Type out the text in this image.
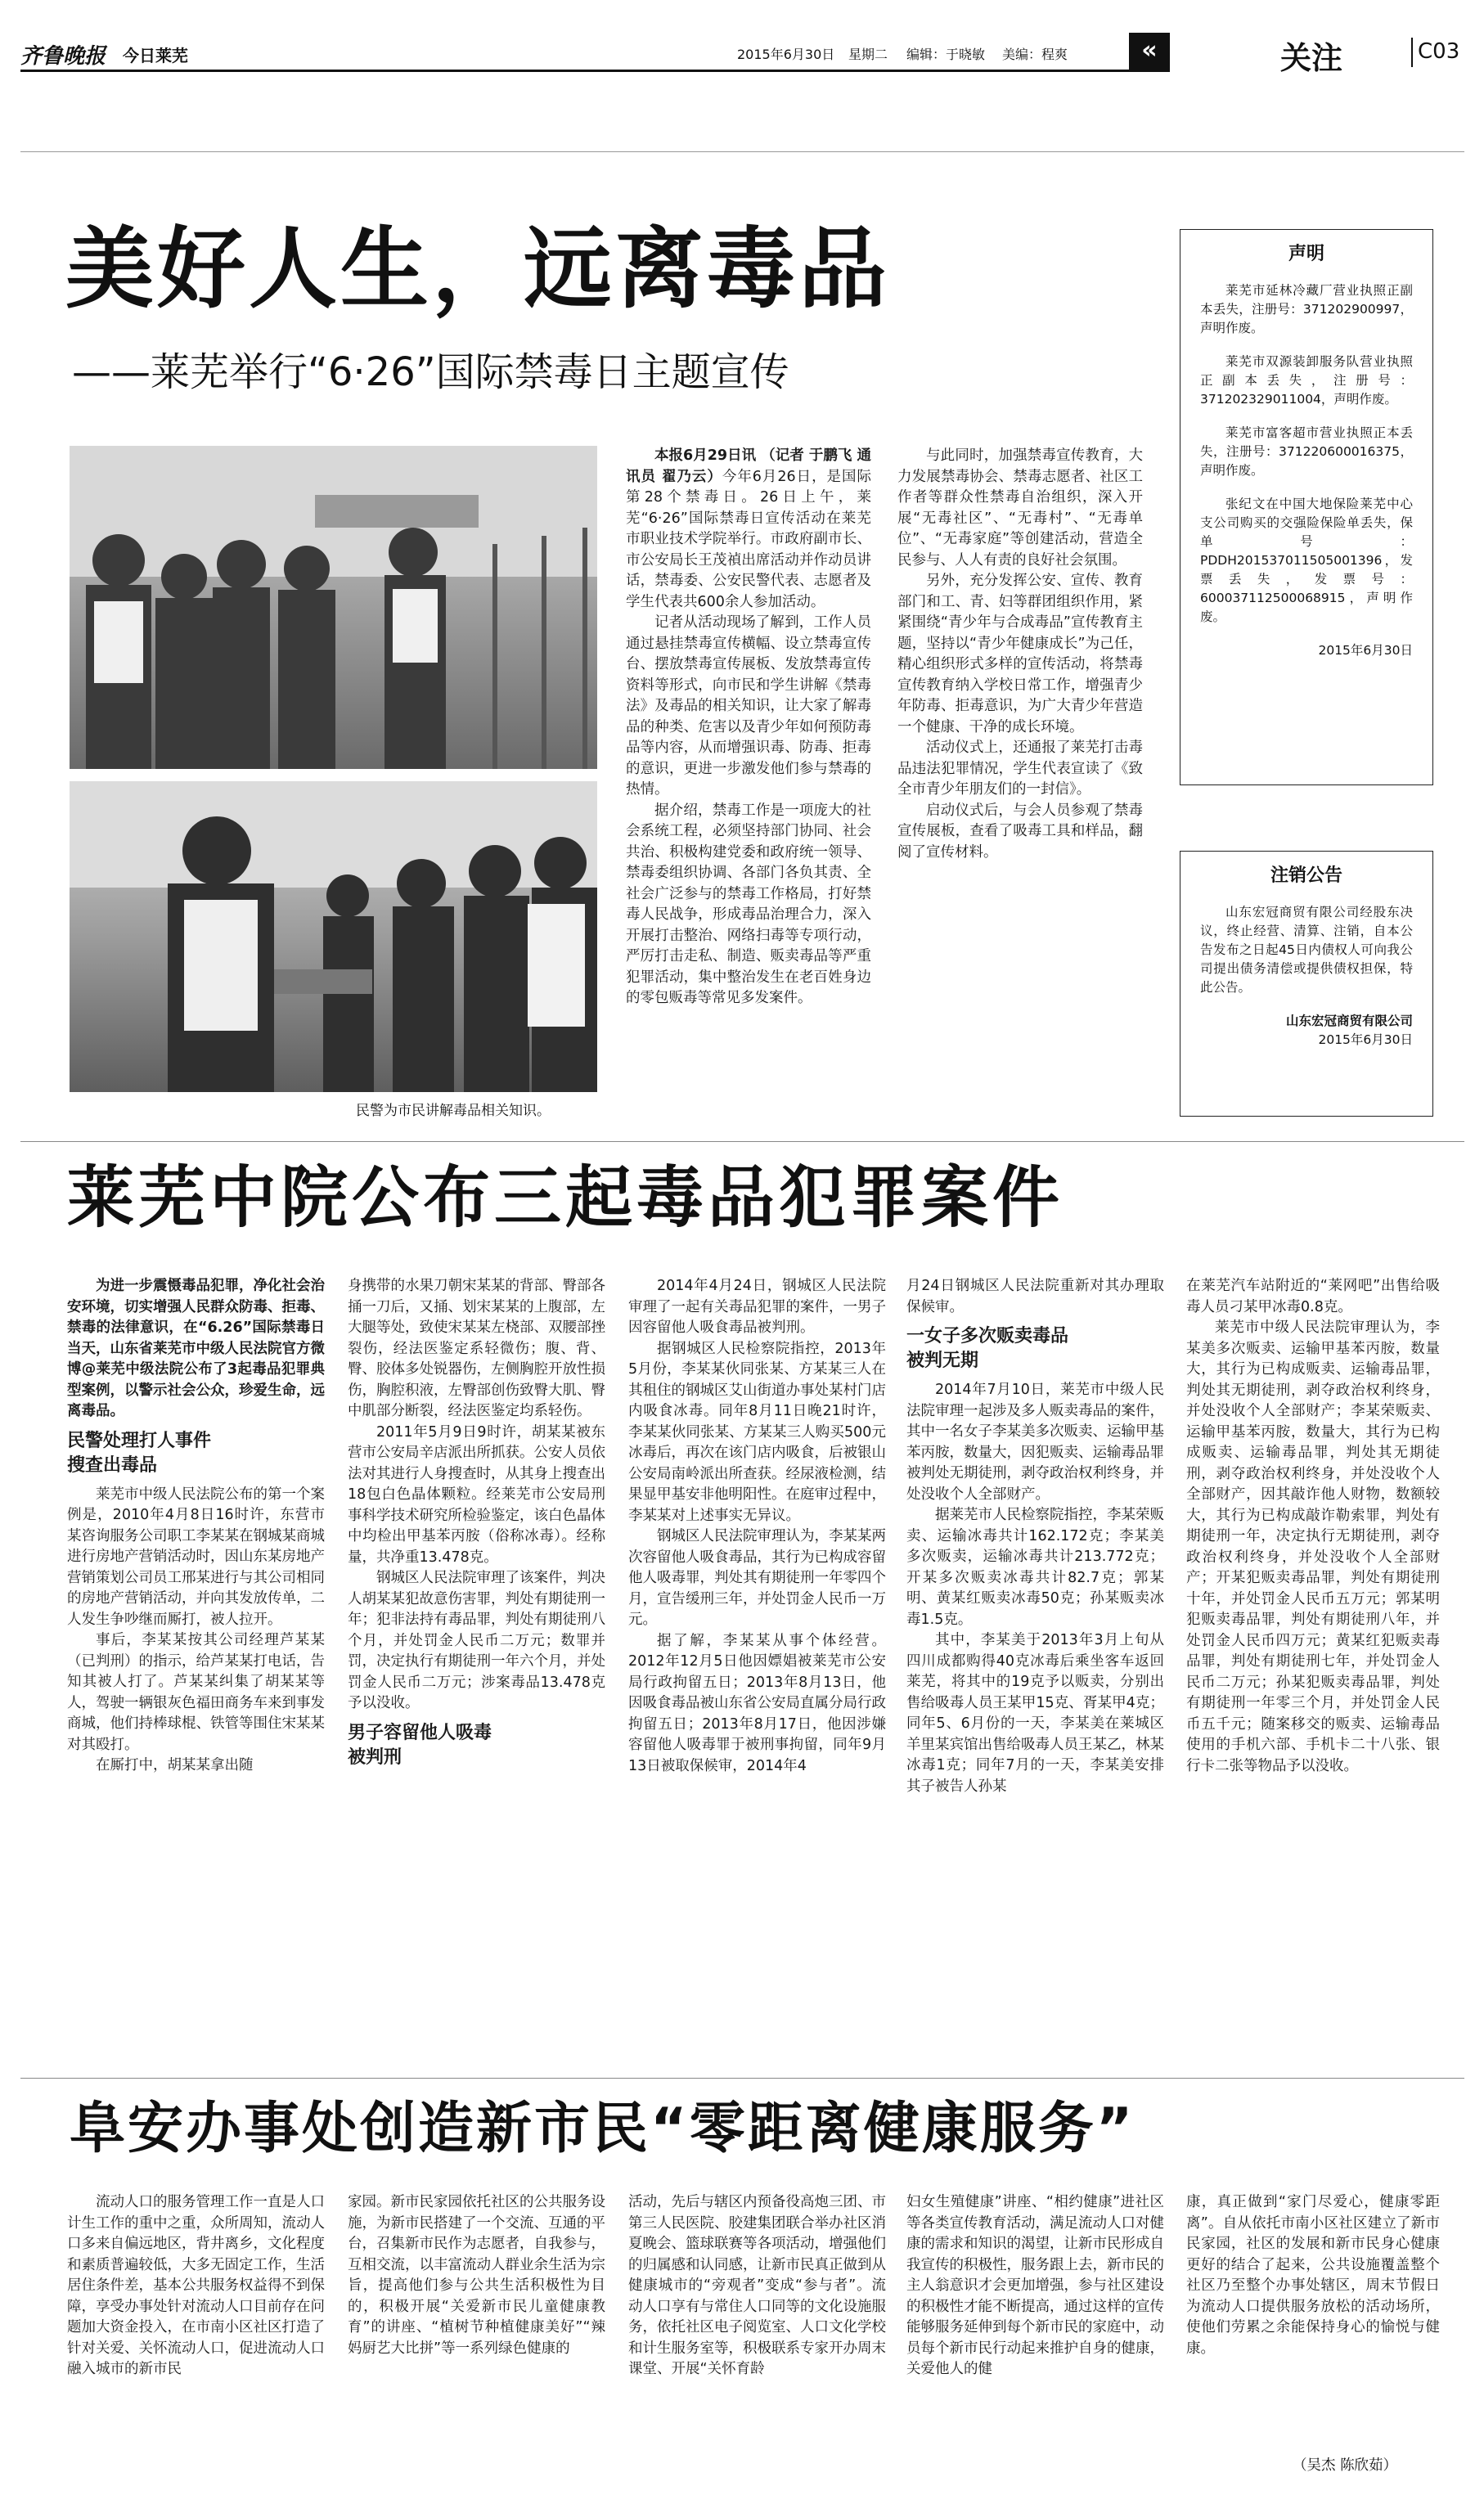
齐鲁晚报 今日莱芜	2015年6月30日 星期二 编辑：于晓敏 美编：程爽	«	关注	C03
美好人生，远离毒品
——莱芜举行“6·26”国际禁毒日主题宣传
民警为市民讲解毒品相关知识。

本报6月29日讯 （记者 于鹏飞 通讯员 翟乃云）今年6月26日，是国际第28个禁毒日。26日上午，莱芜“6·26”国际禁毒日宣传活动在莱芜市职业技术学院举行。市政府副市长、市公安局长王茂禎出席活动并作动员讲话，禁毒委、公安民警代表、志愿者及学生代表共600余人参加活动。

记者从活动现场了解到，工作人员通过悬挂禁毒宣传横幅、设立禁毒宣传台、摆放禁毒宣传展板、发放禁毒宣传资料等形式，向市民和学生讲解《禁毒法》及毒品的相关知识，让大家了解毒品的种类、危害以及青少年如何预防毒品等内容，从而增强识毒、防毒、拒毒的意识，更进一步激发他们参与禁毒的热情。

据介绍，禁毒工作是一项庞大的社会系统工程，必须坚持部门协同、社会共治、积极构建党委和政府统一领导、禁毒委组织协调、各部门各负其责、全社会广泛参与的禁毒工作格局，打好禁毒人民战争，形成毒品治理合力，深入开展打击整治、网络扫毒等专项行动，严厉打击走私、制造、贩卖毒品等严重犯罪活动，集中整治发生在老百姓身边的零包贩毒等常见多发案件。

与此同时，加强禁毒宣传教育，大力发展禁毒协会、禁毒志愿者、社区工作者等群众性禁毒自治组织，深入开展“无毒社区”、“无毒村”、“无毒单位”、“无毒家庭”等创建活动，营造全民参与、人人有责的良好社会氛围。

另外，充分发挥公安、宣传、教育部门和工、青、妇等群团组织作用，紧紧围绕“青少年与合成毒品”宣传教育主题，坚持以“青少年健康成长”为己任，精心组织形式多样的宣传活动，将禁毒宣传教育纳入学校日常工作，增强青少年防毒、拒毒意识，为广大青少年营造一个健康、干净的成长环境。

活动仪式上，还通报了莱芜打击毒品违法犯罪情况，学生代表宣读了《致全市青少年朋友们的一封信》。

启动仪式后，与会人员参观了禁毒宣传展板，查看了吸毒工具和样品，翻阅了宣传材料。

声明

莱芜市延林冷藏厂营业执照正副本丢失，注册号：371202900997，声明作废。

莱芜市双源装卸服务队营业执照正副本丢失，注册号：371202329011004，声明作废。

莱芜市富客超市营业执照正本丢失，注册号：371220600016375，声明作废。

张纪文在中国大地保险莱芜中心支公司购买的交强险保险单丢失，保单号：PDDH201537011505001396，发票丢失，发票号：600037112500068915，声明作废。

2015年6月30日

注销公告

山东宏冠商贸有限公司经股东决议，终止经营、清算、注销，自本公告发布之日起45日内债权人可向我公司提出债务清偿或提供债权担保，特此公告。

山东宏冠商贸有限公司

2015年6月30日

莱芜中院公布三起毒品犯罪案件

为进一步震慑毒品犯罪，净化社会治安环境，切实增强人民群众防毒、拒毒、禁毒的法律意识，在“6.26”国际禁毒日当天，山东省莱芜市中级人民法院官方微博@莱芜中级法院公布了3起毒品犯罪典型案例，以警示社会公众，珍爱生命，远离毒品。

民警处理打人事件
搜查出毒品

莱芜市中级人民法院公布的第一个案例是，2010年4月8日16时许，东营市某咨询服务公司职工李某某在钢城某商城进行房地产营销活动时，因山东某房地产营销策划公司员工邢某进行与其公司相同的房地产营销活动，并向其发放传单，二人发生争吵继而厮打，被人拉开。

事后，李某某按其公司经理芦某某（已判刑）的指示，给芦某某打电话，告知其被人打了。芦某某纠集了胡某某等人，驾驶一辆银灰色福田商务车来到事发商城，他们持棒球棍、铁管等围住宋某某对其殴打。

在厮打中，胡某某拿出随

身携带的水果刀朝宋某某的背部、臀部各捅一刀后，又捅、划宋某某的上腹部，左大腿等处，致使宋某某左桡部、双腰部挫裂伤，经法医鉴定系轻微伤；腹、背、臀、胶体多处锐器伤，左侧胸腔开放性损伤，胸腔积液，左臀部创伤致臀大肌、臀中肌部分断裂，经法医鉴定均系轻伤。

2011年5月9日9时许，胡某某被东营市公安局辛店派出所抓获。公安人员依法对其进行人身搜查时，从其身上搜查出18包白色晶体颗粒。经莱芜市公安局刑事科学技术研究所检验鉴定，该白色晶体中均检出甲基苯丙胺（俗称冰毒）。经称量，共净重13.478克。

钢城区人民法院审理了该案件，判决人胡某某犯故意伤害罪，判处有期徒刑一年；犯非法持有毒品罪，判处有期徒刑八个月，并处罚金人民币二万元；数罪并罚，决定执行有期徒刑一年六个月，并处罚金人民币二万元；涉案毒品13.478克予以没收。

男子容留他人吸毒
被判刑

2014年4月24日，钢城区人民法院审理了一起有关毒品犯罪的案件，一男子因容留他人吸食毒品被判刑。

据钢城区人民检察院指控，2013年5月份，李某某伙同张某、方某某三人在其租住的钢城区艾山街道办事处某村门店内吸食冰毒。同年8月11日晚21时许，李某某伙同张某、方某某三人购买500元冰毒后，再次在该门店内吸食，后被银山公安局南岭派出所查获。经尿液检测，结果显甲基安非他明阳性。在庭审过程中，李某某对上述事实无异议。

钢城区人民法院审理认为，李某某两次容留他人吸食毒品，其行为已构成容留他人吸毒罪，判处其有期徒刑一年零四个月，宣告缓刑三年，并处罚金人民币一万元。

据了解，李某某从事个体经营。2012年12月5日他因嫖娼被莱芜市公安局行政拘留五日；2013年8月13日，他因吸食毒品被山东省公安局直属分局行政拘留五日；2013年8月17日，他因涉嫌容留他人吸毒罪于被刑事拘留，同年9月13日被取保候审，2014年4

月24日钢城区人民法院重新对其办理取保候审。

一女子多次贩卖毒品
被判无期

2014年7月10日，莱芜市中级人民法院审理一起涉及多人贩卖毒品的案件，其中一名女子李某美多次贩卖、运输甲基苯丙胺，数量大，因犯贩卖、运输毒品罪被判处无期徒刑，剥夺政治权利终身，并处没收个人全部财产。

据莱芜市人民检察院指控，李某荣贩卖、运输冰毒共计162.172克；李某美多次贩卖，运输冰毒共计213.772克；开某多次贩卖冰毒共计82.7克；郭某明、黄某红贩卖冰毒50克；孙某贩卖冰毒1.5克。

其中，李某美于2013年3月上旬从四川成都购得40克冰毒后乘坐客车返回莱芜，将其中的19克予以贩卖，分别出售给吸毒人员王某甲15克、胥某甲4克；同年5、6月份的一天，李某美在莱城区羊里某宾馆出售给吸毒人员王某乙，林某冰毒1克；同年7月的一天，李某美安排其子被告人孙某

在莱芜汽车站附近的“莱网吧”出售给吸毒人员刁某甲冰毒0.8克。

莱芜市中级人民法院审理认为，李某美多次贩卖、运输甲基苯丙胺，数量大，其行为已构成贩卖、运输毒品罪，判处其无期徒刑，剥夺政治权利终身，并处没收个人全部财产；李某荣贩卖、运输甲基苯丙胺，数量大，其行为已构成贩卖、运输毒品罪，判处其无期徒刑，剥夺政治权利终身，并处没收个人全部财产，因其敲诈他人财物，数额较大，其行为已构成敲诈勒索罪，判处有期徒刑一年，决定执行无期徒刑，剥夺政治权利终身，并处没收个人全部财产；开某犯贩卖毒品罪，判处有期徒刑十年，并处罚金人民币五万元；郭某明犯贩卖毒品罪，判处有期徒刑八年，并处罚金人民币四万元；黄某红犯贩卖毒品罪，判处有期徒刑七年，并处罚金人民币二万元；孙某犯贩卖毒品罪，判处有期徒刑一年零三个月，并处罚金人民币五千元；随案移交的贩卖、运输毒品使用的手机六部、手机卡二十八张、银行卡二张等物品予以没收。

阜安办事处创造新市民“零距离健康服务”

流动人口的服务管理工作一直是人口计生工作的重中之重，众所周知，流动人口多来自偏远地区，背井离乡，文化程度和素质普遍较低，大多无固定工作，生活居住条件差，基本公共服务权益得不到保障，享受办事处针对流动人口目前存在问题加大资金投入，在市南小区社区打造了针对关爱、关怀流动人口，促进流动人口融入城市的新市民

家园。新市民家园依托社区的公共服务设施，为新市民搭建了一个交流、互通的平台，召集新市民作为志愿者，自我参与，互相交流，以丰富流动人群业余生活为宗旨，提高他们参与公共生活积极性为目的，积极开展“关爱新市民儿童健康教育”的讲座、“植树节种植健康美好”“辣妈厨艺大比拼”等一系列绿色健康的

活动，先后与辖区内预备役高炮三团、市第三人民医院、胶建集团联合举办社区消夏晚会、篮球联赛等各项活动，增强他们的归属感和认同感，让新市民真正做到从健康城市的“旁观者”变成“参与者”。流动人口享有与常住人口同等的文化设施服务，依托社区电子阅览室、人口文化学校和计生服务室等，积极联系专家开办周末课堂、开展“关怀育龄

妇女生殖健康”讲座、“相约健康”进社区等各类宣传教育活动，满足流动人口对健康的需求和知识的渴望，让新市民形成自我宣传的积极性，服务跟上去，新市民的主人翁意识才会更加增强，参与社区建设的积极性才能不断提高，通过这样的宣传能够服务延伸到每个新市民的家庭中，动员每个新市民行动起来推护自身的健康，关爱他人的健

康，真正做到“家门尽爱心，健康零距离”。自从依托市南小区社区建立了新市民家园，社区的发展和新市民身心健康更好的结合了起来，公共设施覆盖整个社区乃至整个办事处辖区，周末节假日为流动人口提供服务放松的活动场所，使他们劳累之余能保持身心的愉悦与健康。

（吴杰 陈欣茹）
